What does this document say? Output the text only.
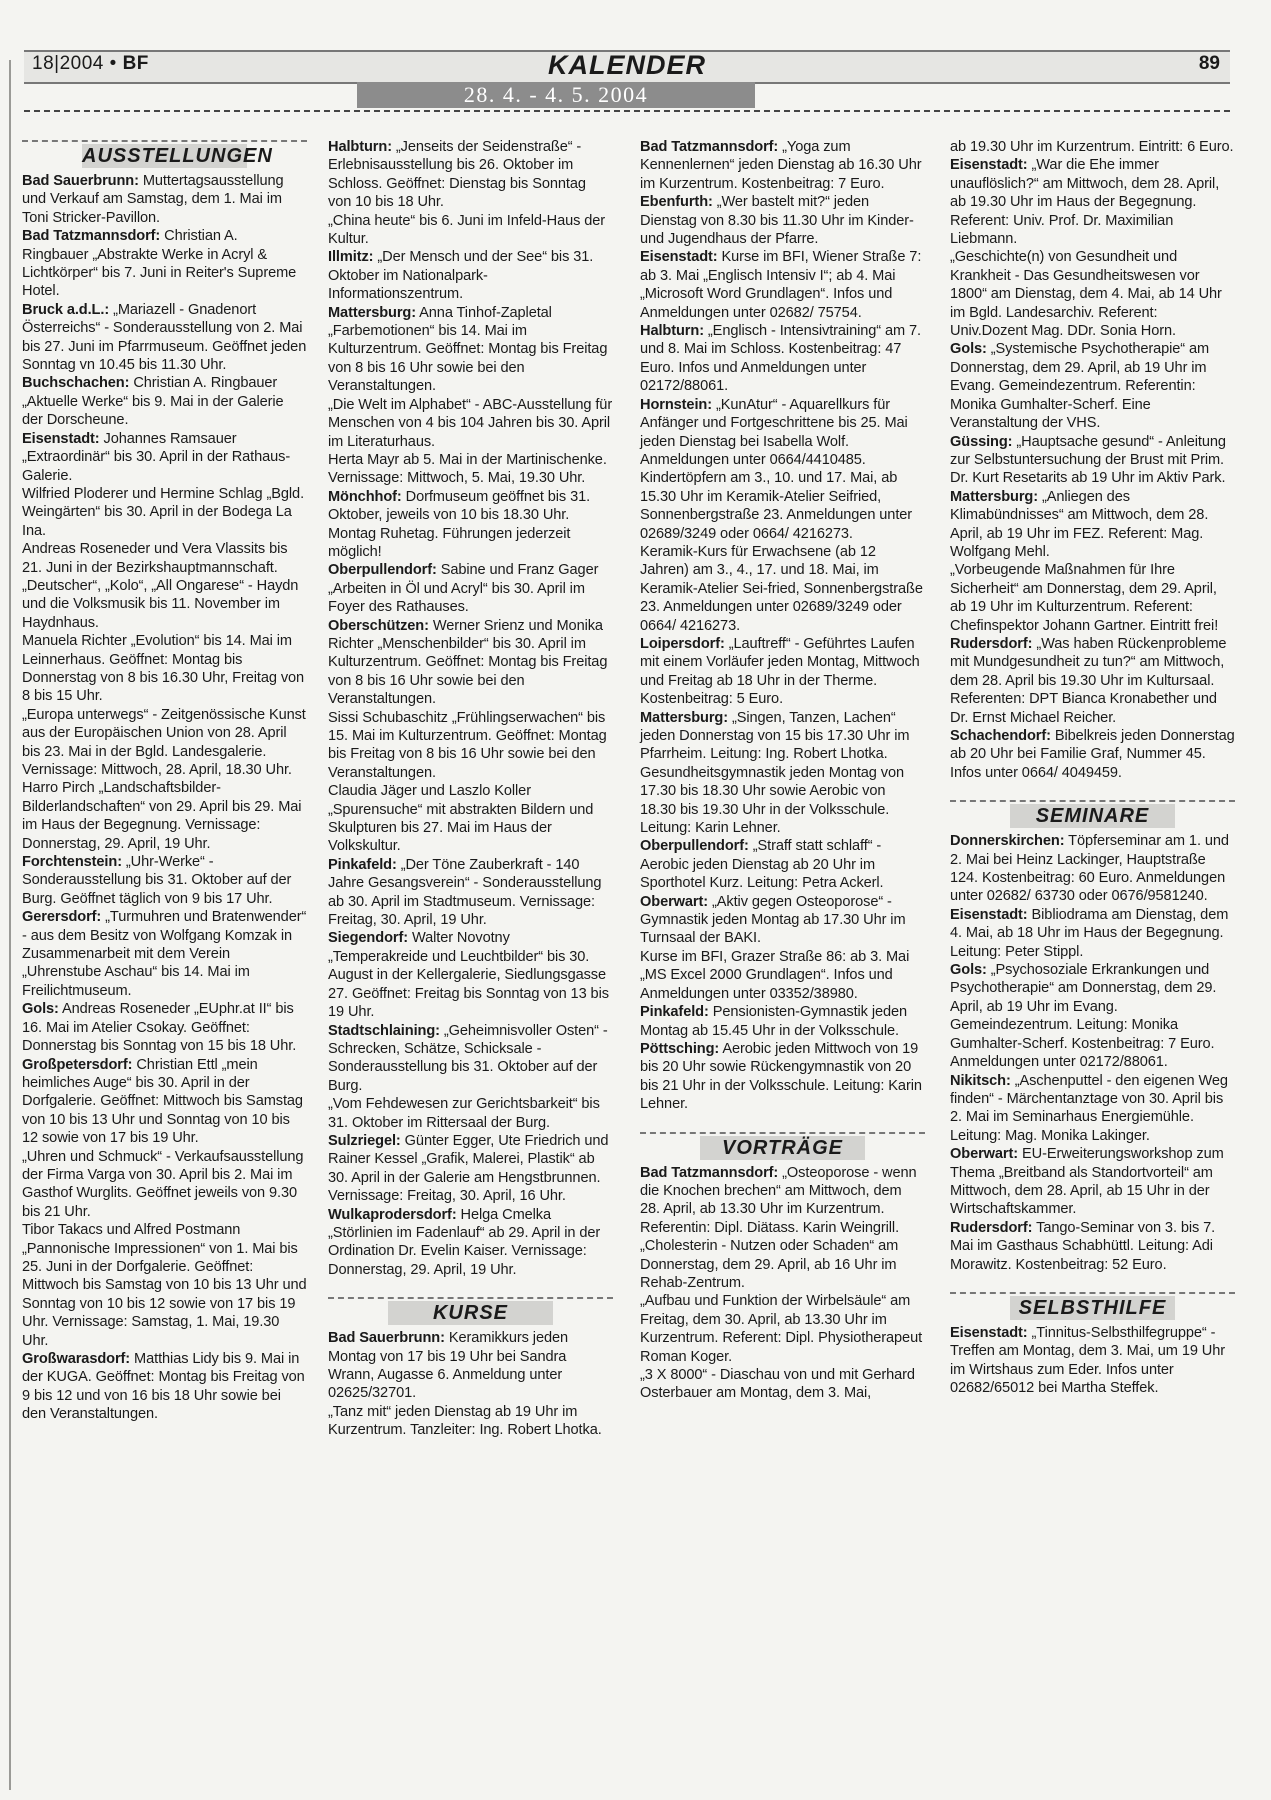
18|2004 • BF	KALENDER	89
28. 4. - 4. 5. 2004
AUSSTELLUNGEN

Bad Sauerbrunn: Muttertagsausstellung und Verkauf am Samstag, dem 1. Mai im Toni Stricker-Pavillon.

Bad Tatzmannsdorf: Christian A. Ringbauer „Abstrakte Werke in Acryl & Lichtkörper“ bis 7. Juni in Reiter's Supreme Hotel.

Bruck a.d.L.: „Mariazell - Gnadenort Österreichs“ - Sonderausstellung von 2. Mai bis 27. Juni im Pfarrmuseum. Geöffnet jeden Sonntag vn 10.45 bis 11.30 Uhr.

Buchschachen: Christian A. Ringbauer „Aktuelle Werke“ bis 9. Mai in der Galerie der Dorscheune.

Eisenstadt: Johannes Ramsauer „Extraordinär“ bis 30. April in der Rathaus-Galerie.

Wilfried Ploderer und Hermine Schlag „Bgld. Weingärten“ bis 30. April in der Bodega La Ina.

Andreas Roseneder und Vera Vlassits bis 21. Juni in der Bezirkshauptmannschaft.

„Deutscher“, „Kolo“, „All Ongarese“ - Haydn und die Volksmusik bis 11. November im Haydnhaus.

Manuela Richter „Evolution“ bis 14. Mai im Leinnerhaus. Geöffnet: Montag bis Donnerstag von 8 bis 16.30 Uhr, Freitag von 8 bis 15 Uhr.

„Europa unterwegs“ - Zeitgenössische Kunst aus der Europäischen Union von 28. April bis 23. Mai in der Bgld. Landesgalerie. Vernissage: Mittwoch, 28. April, 18.30 Uhr.

Harro Pirch „Landschaftsbilder-Bilderlandschaften“ von 29. April bis 29. Mai im Haus der Begegnung. Vernissage: Donnerstag, 29. April, 19 Uhr.

Forchtenstein: „Uhr-Werke“ - Sonderausstellung bis 31. Oktober auf der Burg. Geöffnet täglich von 9 bis 17 Uhr.

Gerersdorf: „Turmuhren und Bratenwender“ - aus dem Besitz von Wolfgang Komzak in Zusammenarbeit mit dem Verein „Uhrenstube Aschau“ bis 14. Mai im Freilichtmuseum.

Gols: Andreas Roseneder „EUphr.at II“ bis 16. Mai im Atelier Csokay. Geöffnet: Donnerstag bis Sonntag von 15 bis 18 Uhr.

Großpetersdorf: Christian Ettl „mein heimliches Auge“ bis 30. April in der Dorfgalerie. Geöffnet: Mittwoch bis Samstag von 10 bis 13 Uhr und Sonntag von 10 bis 12 sowie von 17 bis 19 Uhr.

„Uhren und Schmuck“ - Verkaufsausstellung der Firma Varga von 30. April bis 2. Mai im Gasthof Wurglits. Geöffnet jeweils von 9.30 bis 21 Uhr.

Tibor Takacs und Alfred Postmann „Pannonische Impressionen“ von 1. Mai bis 25. Juni in der Dorfgalerie. Geöffnet: Mittwoch bis Samstag von 10 bis 13 Uhr und Sonntag von 10 bis 12 sowie von 17 bis 19 Uhr. Vernissage: Samstag, 1. Mai, 19.30 Uhr.

Großwarasdorf: Matthias Lidy bis 9. Mai in der KUGA. Geöffnet: Montag bis Freitag von 9 bis 12 und von 16 bis 18 Uhr sowie bei den Veranstaltungen.

Halbturn: „Jenseits der Seidenstraße“ - Erlebnisausstellung bis 26. Oktober im Schloss. Geöffnet: Dienstag bis Sonntag von 10 bis 18 Uhr.

„China heute“ bis 6. Juni im Infeld-Haus der Kultur.

Illmitz: „Der Mensch und der See“ bis 31. Oktober im Nationalpark-Informationszentrum.

Mattersburg: Anna Tinhof-Zapletal „Farbemotionen“ bis 14. Mai im Kulturzentrum. Geöffnet: Montag bis Freitag von 8 bis 16 Uhr sowie bei den Veranstaltungen.

„Die Welt im Alphabet“ - ABC-Ausstellung für Menschen von 4 bis 104 Jahren bis 30. April im Literaturhaus.

Herta Mayr ab 5. Mai in der Martinischenke. Vernissage: Mittwoch, 5. Mai, 19.30 Uhr.

Mönchhof: Dorfmuseum geöffnet bis 31. Oktober, jeweils von 10 bis 18.30 Uhr. Montag Ruhetag. Führungen jederzeit möglich!

Oberpullendorf: Sabine und Franz Gager „Arbeiten in Öl und Acryl“ bis 30. April im Foyer des Rathauses.

Oberschützen: Werner Srienz und Monika Richter „Menschenbilder“ bis 30. April im Kulturzentrum. Geöffnet: Montag bis Freitag von 8 bis 16 Uhr sowie bei den Veranstaltungen.

Sissi Schubaschitz „Frühlingserwachen“ bis 15. Mai im Kulturzentrum. Geöffnet: Montag bis Freitag von 8 bis 16 Uhr sowie bei den Veranstaltungen.

Claudia Jäger und Laszlo Koller „Spurensuche“ mit abstrakten Bildern und Skulpturen bis 27. Mai im Haus der Volkskultur.

Pinkafeld: „Der Töne Zauberkraft - 140 Jahre Gesangsverein“ - Sonderausstellung ab 30. April im Stadtmuseum. Vernissage: Freitag, 30. April, 19 Uhr.

Siegendorf: Walter Novotny „Temperakreide und Leuchtbilder“ bis 30. August in der Kellergalerie, Siedlungsgasse 27. Geöffnet: Freitag bis Sonntag von 13 bis 19 Uhr.

Stadtschlaining: „Geheimnisvoller Osten“ - Schrecken, Schätze, Schicksale - Sonderausstellung bis 31. Oktober auf der Burg.

„Vom Fehdewesen zur Gerichtsbarkeit“ bis 31. Oktober im Rittersaal der Burg.

Sulzriegel: Günter Egger, Ute Friedrich und Rainer Kessel „Grafik, Malerei, Plastik“ ab 30. April in der Galerie am Hengstbrunnen. Vernissage: Freitag, 30. April, 16 Uhr.

Wulkaprodersdorf: Helga Cmelka „Störlinien im Fadenlauf“ ab 29. April in der Ordination Dr. Evelin Kaiser. Vernissage: Donnerstag, 29. April, 19 Uhr.

KURSE

Bad Sauerbrunn: Keramikkurs jeden Montag von 17 bis 19 Uhr bei Sandra Wrann, Augasse 6. Anmeldung unter 02625/32701.

„Tanz mit“ jeden Dienstag ab 19 Uhr im Kurzentrum. Tanzleiter: Ing. Robert Lhotka.

Bad Tatzmannsdorf: „Yoga zum Kennenlernen“ jeden Dienstag ab 16.30 Uhr im Kurzentrum. Kostenbeitrag: 7 Euro.

Ebenfurth: „Wer bastelt mit?“ jeden Dienstag von 8.30 bis 11.30 Uhr im Kinder- und Jugendhaus der Pfarre.

Eisenstadt: Kurse im BFI, Wiener Straße 7: ab 3. Mai „Englisch Intensiv I“; ab 4. Mai „Microsoft Word Grundlagen“. Infos und Anmeldungen unter 02682/ 75754.

Halbturn: „Englisch - Intensivtraining“ am 7. und 8. Mai im Schloss. Kostenbeitrag: 47 Euro. Infos und Anmeldungen unter 02172/88061.

Hornstein: „KunAtur“ - Aquarellkurs für Anfänger und Fortgeschrittene bis 25. Mai jeden Dienstag bei Isabella Wolf. Anmeldungen unter 0664/4410485.

Kindertöpfern am 3., 10. und 17. Mai, ab 15.30 Uhr im Keramik-Atelier Seifried, Sonnenbergstraße 23. Anmeldungen unter 02689/3249 oder 0664/ 4216273.

Keramik-Kurs für Erwachsene (ab 12 Jahren) am 3., 4., 17. und 18. Mai, im Keramik-Atelier Sei-fried, Sonnenbergstraße 23. Anmeldungen unter 02689/3249 oder 0664/ 4216273.

Loipersdorf: „Lauftreff“ - Geführtes Laufen mit einem Vorläufer jeden Montag, Mittwoch und Freitag ab 18 Uhr in der Therme. Kostenbeitrag: 5 Euro.

Mattersburg: „Singen, Tanzen, Lachen“ jeden Donnerstag von 15 bis 17.30 Uhr im Pfarrheim. Leitung: Ing. Robert Lhotka.

Gesundheitsgymnastik jeden Montag von 17.30 bis 18.30 Uhr sowie Aerobic von 18.30 bis 19.30 Uhr in der Volksschule. Leitung: Karin Lehner.

Oberpullendorf: „Straff statt schlaff“ - Aerobic jeden Dienstag ab 20 Uhr im Sporthotel Kurz. Leitung: Petra Ackerl.

Oberwart: „Aktiv gegen Osteoporose“ - Gymnastik jeden Montag ab 17.30 Uhr im Turnsaal der BAKI.

Kurse im BFI, Grazer Straße 86: ab 3. Mai „MS Excel 2000 Grundlagen“. Infos und Anmeldungen unter 03352/38980.

Pinkafeld: Pensionisten-Gymnastik jeden Montag ab 15.45 Uhr in der Volksschule.

Pöttsching: Aerobic jeden Mittwoch von 19 bis 20 Uhr sowie Rückengymnastik von 20 bis 21 Uhr in der Volksschule. Leitung: Karin Lehner.

VORTRÄGE

Bad Tatzmannsdorf: „Osteoporose - wenn die Knochen brechen“ am Mittwoch, dem 28. April, ab 13.30 Uhr im Kurzentrum. Referentin: Dipl. Diätass. Karin Weingrill.

„Cholesterin - Nutzen oder Schaden“ am Donnerstag, dem 29. April, ab 16 Uhr im Rehab-Zentrum.

„Aufbau und Funktion der Wirbelsäule“ am Freitag, dem 30. April, ab 13.30 Uhr im Kurzentrum. Referent: Dipl. Physiotherapeut Roman Koger.

„3 X 8000“ - Diaschau von und mit Gerhard Osterbauer am Montag, dem 3. Mai,

ab 19.30 Uhr im Kurzentrum. Eintritt: 6 Euro.

Eisenstadt: „War die Ehe immer unauflöslich?“ am Mittwoch, dem 28. April, ab 19.30 Uhr im Haus der Begegnung. Referent: Univ. Prof. Dr. Maximilian Liebmann.

„Geschichte(n) von Gesundheit und Krankheit - Das Gesundheitswesen vor 1800“ am Dienstag, dem 4. Mai, ab 14 Uhr im Bgld. Landesarchiv. Referent: Univ.Dozent Mag. DDr. Sonia Horn.

Gols: „Systemische Psychotherapie“ am Donnerstag, dem 29. April, ab 19 Uhr im Evang. Gemeindezentrum. Referentin: Monika Gumhalter-Scherf. Eine Veranstaltung der VHS.

Güssing: „Hauptsache gesund“ - Anleitung zur Selbstuntersuchung der Brust mit Prim. Dr. Kurt Resetarits ab 19 Uhr im Aktiv Park.

Mattersburg: „Anliegen des Klimabündnisses“ am Mittwoch, dem 28. April, ab 19 Uhr im FEZ. Referent: Mag. Wolfgang Mehl.

„Vorbeugende Maßnahmen für Ihre Sicherheit“ am Donnerstag, dem 29. April, ab 19 Uhr im Kulturzentrum. Referent: Chefinspektor Johann Gartner. Eintritt frei!

Rudersdorf: „Was haben Rückenprobleme mit Mundgesundheit zu tun?“ am Mittwoch, dem 28. April bis 19.30 Uhr im Kultursaal. Referenten: DPT Bianca Kronabether und Dr. Ernst Michael Reicher.

Schachendorf: Bibelkreis jeden Donnerstag ab 20 Uhr bei Familie Graf, Nummer 45. Infos unter 0664/ 4049459.

SEMINARE

Donnerskirchen: Töpferseminar am 1. und 2. Mai bei Heinz Lackinger, Hauptstraße 124. Kostenbeitrag: 60 Euro. Anmeldungen unter 02682/ 63730 oder 0676/9581240.

Eisenstadt: Bibliodrama am Dienstag, dem 4. Mai, ab 18 Uhr im Haus der Begegnung. Leitung: Peter Stippl.

Gols: „Psychosoziale Erkrankungen und Psychotherapie“ am Donnerstag, dem 29. April, ab 19 Uhr im Evang. Gemeindezentrum. Leitung: Monika Gumhalter-Scherf. Kostenbeitrag: 7 Euro. Anmeldungen unter 02172/88061.

Nikitsch: „Aschenputtel - den eigenen Weg finden“ - Märchentanztage von 30. April bis 2. Mai im Seminarhaus Energiemühle. Leitung: Mag. Monika Lakinger.

Oberwart: EU-Erweiterungsworkshop zum Thema „Breitband als Standortvorteil“ am Mittwoch, dem 28. April, ab 15 Uhr in der Wirtschaftskammer.

Rudersdorf: Tango-Seminar von 3. bis 7. Mai im Gasthaus Schabhüttl. Leitung: Adi Morawitz. Kostenbeitrag: 52 Euro.

SELBSTHILFE

Eisenstadt: „Tinnitus-Selbsthilfegruppe“ - Treffen am Montag, dem 3. Mai, um 19 Uhr im Wirtshaus zum Eder. Infos unter 02682/65012 bei Martha Steffek.
